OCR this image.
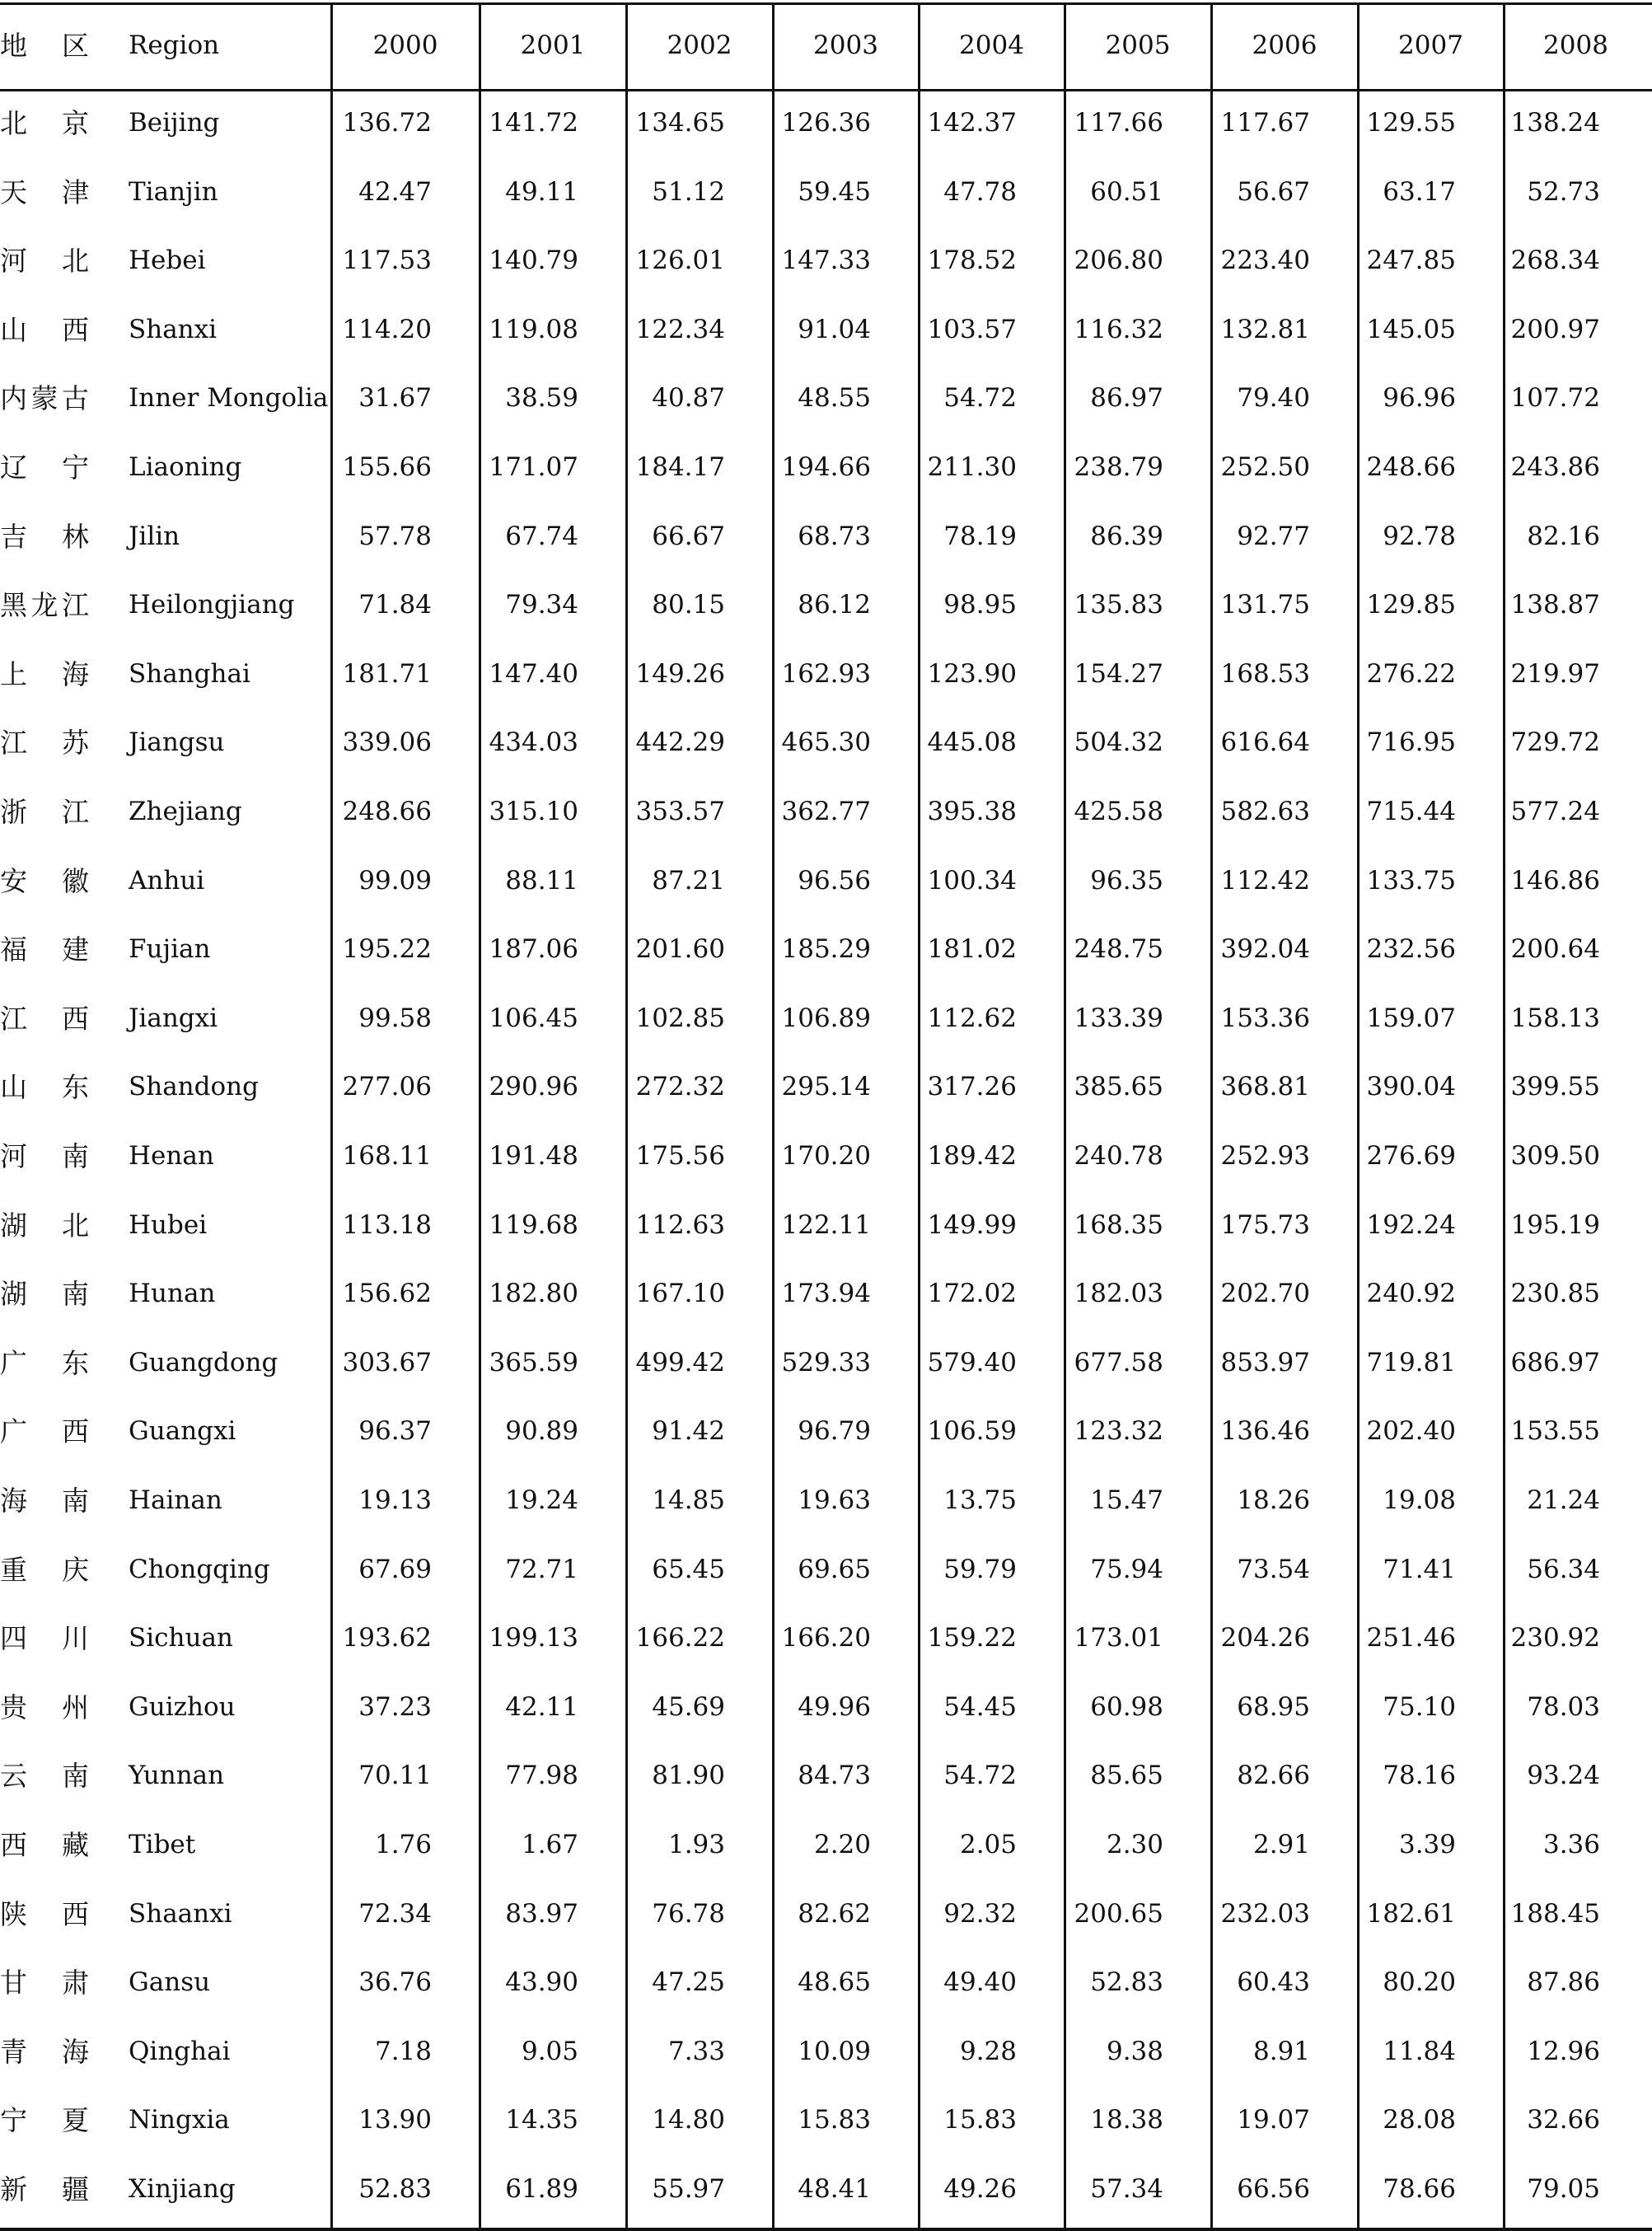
地　区 Region	2000	2001	2002	2003	2004	2005	2006	2007	2008
北　京 Beijing	136.72	141.72	134.65	126.36	142.37	117.66	117.67	129.55 138.24
天　津 Tianjin	42.47	49.11	51.12	59.45	47.78	60.51	56.67	63.17	52.73
河　北 Hebei	117.53	140.79	126.01	147.33	178.52	206.80	223.40	247.85 268.34
山　西 Shanxi	114.20	119.08	122.34	91.04	103.57	116.32	132.81	145.05 200.97
内蒙古 Inner Mongolia	31.67	38.59	40.87	48.55	54.72	86.97	79.40	96.96 107.72
辽　宁 Liaoning	155.66	171.07	184.17	194.66	211.30	238.79	252.50	248.66 243.86
吉　林 Jilin	57.78	67.74	66.67	68.73	78.19	86.39	92.77	92.78	82.16
黑龙江 Heilongjiang	71.84	79.34	80.15	86.12	98.95	135.83	131.75	129.85 138.87
上　海 Shanghai	181.71	147.40	149.26	162.93	123.90	154.27	168.53	276.22 219.97
江　苏 Jiangsu	339.06	434.03	442.29	465.30	445.08	504.32	616.64	716.95 729.72
浙　江 Zhejiang	248.66	315.10	353.57	362.77	395.38	425.58	582.63	715.44 577.24
安　徽 Anhui	99.09	88.11	87.21	96.56	100.34	96.35	112.42	133.75 146.86
福　建 Fujian	195.22	187.06	201.60	185.29	181.02	248.75	392.04	232.56 200.64
江　西 Jiangxi	99.58	106.45	102.85	106.89	112.62	133.39	153.36	159.07 158.13
山　东 Shandong	277.06	290.96	272.32	295.14	317.26	385.65	368.81	390.04 399.55
河　南 Henan	168.11	191.48	175.56	170.20	189.42	240.78	252.93	276.69 309.50
湖　北 Hubei	113.18	119.68	112.63	122.11	149.99	168.35	175.73	192.24 195.19
湖　南 Hunan	156.62	182.80	167.10	173.94	172.02	182.03	202.70	240.92 230.85
广　东 Guangdong	303.67	365.59	499.42	529.33	579.40	677.58	853.97	719.81 686.97
广　西 Guangxi	96.37	90.89	91.42	96.79	106.59	123.32	136.46	202.40 153.55
海　南 Hainan	19.13	19.24	14.85	19.63	13.75	15.47	18.26	19.08	21.24
重　庆 Chongqing	67.69	72.71	65.45	69.65	59.79	75.94	73.54	71.41	56.34
四　川 Sichuan	193.62	199.13	166.22	166.20	159.22	173.01	204.26	251.46 230.92
贵　州 Guizhou	37.23	42.11	45.69	49.96	54.45	60.98	68.95	75.10	78.03
云　南 Yunnan	70.11	77.98	81.90	84.73	54.72	85.65	82.66	78.16	93.24
西　藏 Tibet	1.76	1.67	1.93	2.20	2.05	2.30	2.91	3.39	3.36
陕　西 Shaanxi	72.34	83.97	76.78	82.62	92.32	200.65	232.03	182.61 188.45
甘　肃 Gansu	36.76	43.90	47.25	48.65	49.40	52.83	60.43	80.20	87.86
青　海 Qinghai	7.18	9.05	7.33	10.09	9.28	9.38	8.91	11.84	12.96
宁　夏 Ningxia	13.90	14.35	14.80	15.83	15.83	18.38	19.07	28.08	32.66
新　疆 Xinjiang	52.83	61.89	55.97	48.41	49.26	57.34	66.56	78.66	79.05
